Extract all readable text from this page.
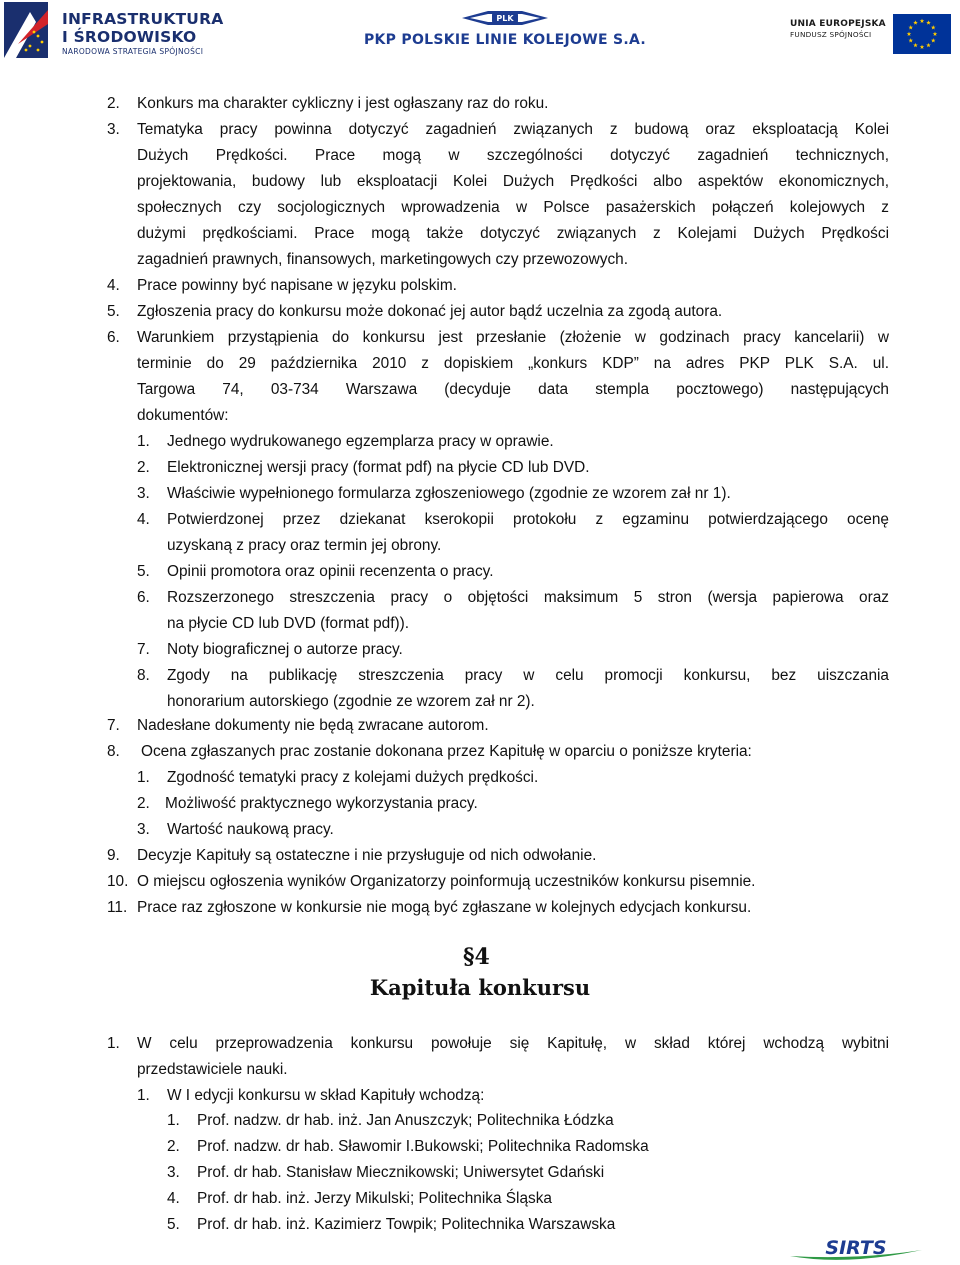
INFRASTRUKTURA
I ŚRODOWISKO
NARODOWA STRATEGIA SPÓJNOŚCI
PLK
PKP POLSKIE LINIE KOLEJOWE S.A.
UNIA EUROPEJSKA
FUNDUSZ SPÓJNOŚCI
2. Konkurs ma charakter cykliczny i jest ogłaszany raz do roku.
3. Tematyka pracy powinna dotyczyć zagadnień związanych z budową oraz eksploatacją Kolei
Dużych Prędkości. Prace mogą w szczególności dotyczyć zagadnień technicznych,
projektowania, budowy lub eksploatacji Kolei Dużych Prędkości albo aspektów ekonomicznych,
społecznych czy socjologicznych wprowadzenia w Polsce pasażerskich połączeń kolejowych z
dużymi prędkościami. Prace mogą także dotyczyć związanych z Kolejami Dużych Prędkości
zagadnień prawnych, finansowych, marketingowych czy przewozowych.
4. Prace powinny być napisane w języku polskim.
5. Zgłoszenia pracy do konkursu może dokonać jej autor bądź uczelnia za zgodą autora.
6. Warunkiem przystąpienia do konkursu jest przesłanie (złożenie w godzinach pracy kancelarii) w
terminie do 29 października 2010 z dopiskiem „konkurs KDP” na adres PKP PLK S.A. ul.
Targowa 74, 03-734 Warszawa (decyduje data stempla pocztowego) następujących
dokumentów:
1. Jednego wydrukowanego egzemplarza pracy w oprawie.
2. Elektronicznej wersji pracy (format pdf) na płycie CD lub DVD.
3. Właściwie wypełnionego formularza zgłoszeniowego (zgodnie ze wzorem zał nr 1).
4. Potwierdzonej przez dziekanat kserokopii protokołu z egzaminu potwierdzającego ocenę
uzyskaną z pracy oraz termin jej obrony.
5. Opinii promotora oraz opinii recenzenta o pracy.
6. Rozszerzonego streszczenia pracy o objętości maksimum 5 stron (wersja papierowa oraz
na płycie CD lub DVD (format pdf)).
7. Noty biograficznej o autorze pracy.
8. Zgody na publikację streszczenia pracy w celu promocji konkursu, bez uiszczania
honorarium autorskiego (zgodnie ze wzorem zał nr 2).
7. Nadesłane dokumenty nie będą zwracane autorom.
8. Ocena zgłaszanych prac zostanie dokonana przez Kapitułę w oparciu o poniższe kryteria:
1. Zgodność tematyki pracy z kolejami dużych prędkości.
2. Możliwość praktycznego wykorzystania pracy.
3. Wartość naukową pracy.
9. Decyzje Kapituły są ostateczne i nie przysługuje od nich odwołanie.
10. O miejscu ogłoszenia wyników Organizatorzy poinformują uczestników konkursu pisemnie.
11. Prace raz zgłoszone w konkursie nie mogą być zgłaszane w kolejnych edycjach konkursu.
1. W celu przeprowadzenia konkursu powołuje się Kapitułę, w skład której wchodzą wybitni
przedstawiciele nauki.
1. W I edycji konkursu w skład Kapituły wchodzą:
1. Prof. nadzw. dr hab. inż. Jan Anuszczyk; Politechnika Łódzka
2. Prof. nadzw. dr hab. Sławomir I.Bukowski; Politechnika Radomska
3. Prof. dr hab. Stanisław Miecznikowski; Uniwersytet Gdański
4. Prof. dr hab. inż. Jerzy Mikulski; Politechnika Śląska
5. Prof. dr hab. inż. Kazimierz Towpik; Politechnika Warszawska
§4
Kapituła konkursu
SIRTS
